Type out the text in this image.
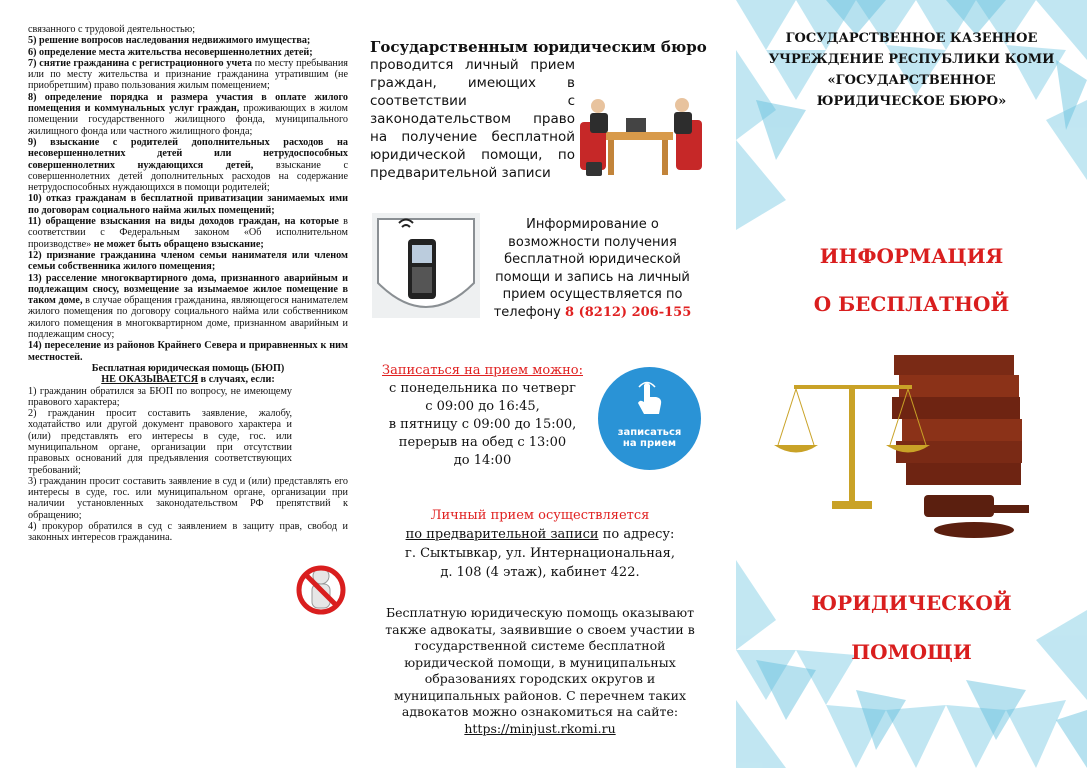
связанного с трудовой деятельностью;

5) решение вопросов наследования недвижимого имущества;

6) определение места жительства несовершеннолетних детей;

7) снятие гражданина с регистрационного учета по месту пребывания или по месту жительства и признание гражданина утратившим (не приобретшим) право пользования жилым помещением;

8) определение порядка и размера участия в оплате жилого помещения и коммунальных услуг граждан, проживающих в жилом помещении государственного жилищного фонда, муниципального жилищного фонда или частного жилищного фонда;

9) взыскание с родителей дополнительных расходов на несовершеннолетних детей или нетрудоспособных совершеннолетних нуждающихся детей, взыскание с совершеннолетних детей дополнительных расходов на содержание нетрудоспособных нуждающихся в помощи родителей;

10) отказ гражданам в бесплатной приватизации занимаемых ими по договорам социального найма жилых помещений;

11) обращение взыскания на виды доходов граждан, на которые в соответствии с Федеральным законом «Об исполнительном производстве» не может быть обращено взыскание;

12) признание гражданина членом семьи нанимателя или членом семьи собственника жилого помещения;

13) расселение многоквартирного дома, признанного аварийным и подлежащим сносу, возмещение за изымаемое жилое помещение в таком доме, в случае обращения гражданина, являющегося нанимателем жилого помещения по договору социального найма или собственником жилого помещения в многоквартирном доме, признанном аварийным и подлежащим сносу;

14) переселение из районов Крайнего Севера и приравненных к ним местностей.

Бесплатная юридическая помощь (БЮП)

НЕ ОКАЗЫВАЕТСЯ в случаях, если:

1) гражданин обратился за БЮП по вопросу, не имеющему правового характера;

2) гражданин просит составить заявление, жалобу, ходатайство или другой документ правового характера и (или) представлять его интересы в суде, гос. или муниципальном органе, организации при отсутствии правовых оснований для предъявления соответствующих требований;

3) гражданин просит составить заявление в суд и (или) представлять его интересы в суде, гос. или муниципальном органе, организации при наличии установленных законодательством РФ препятствий к обращению;

4) прокурор обратился в суд с заявлением в защиту прав, свобод и законных интересов гражданина.

Государственным юридическим бюро
проводится личный прием граждан, имеющих в соответствии с законодательством право на получение бесплатной юридической помощи, по предварительной записи
Информирование о возможности получения бесплатной юридической помощи и запись на личный прием осуществляется по телефону 8 (8212) 206-155
Записаться на прием можно:
с понедельника по четверг
с 09:00 до 16:45,
в пятницу с 09:00 до 15:00,
перерыв на обед с 13:00
до 14:00
записаться
на прием
Личный прием осуществляется
по предварительной записи по адресу:
г. Сыктывкар, ул. Интернациональная,
д. 108 (4 этаж), кабинет 422.
Бесплатную юридическую помощь оказывают также адвокаты, заявившие о своем участии в государственной системе бесплатной юридической помощи, в муниципальных образованиях городских округов и муниципальных районов. С перечнем таких адвокатов можно ознакомиться на сайте:
https://minjust.rkomi.ru
ГОСУДАРСТВЕННОЕ КАЗЕННОЕ
УЧРЕЖДЕНИЕ РЕСПУБЛИКИ КОМИ
«ГОСУДАРСТВЕННОЕ
ЮРИДИЧЕСКОЕ БЮРО»
ИНФОРМАЦИЯ
О БЕСПЛАТНОЙ
ЮРИДИЧЕСКОЙ
ПОМОЩИ
